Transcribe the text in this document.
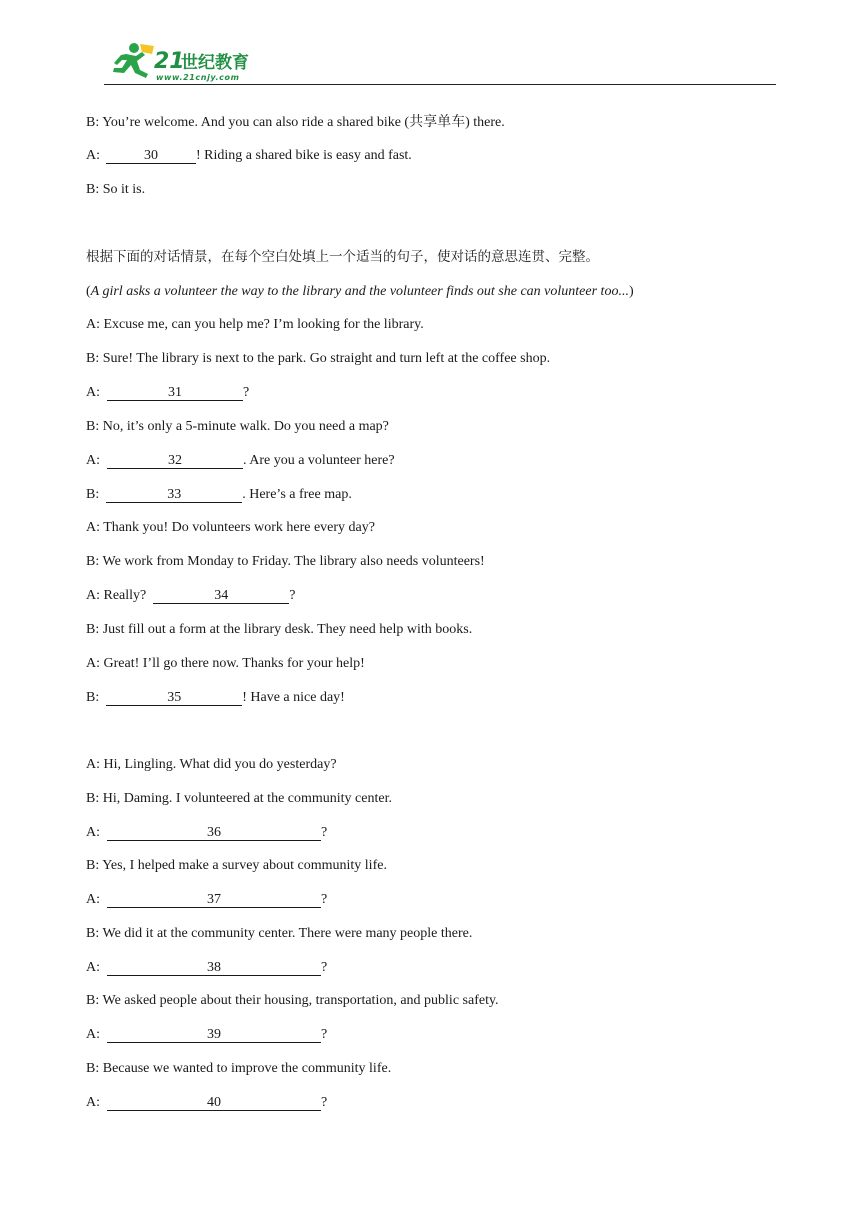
21
世纪教育
www.21cnjy.com
B: You’re welcome. And you can also ride a shared bike (共享单车) there.
A:	30	! Riding a shared bike is easy and fast.
B: So it is.
根据下面的对话情景，在每个空白处填上一个适当的句子，使对话的意思连贯、完整。
(A girl asks a volunteer the way to the library and the volunteer finds out she can volunteer too...)
A: Excuse me, can you help me? I’m looking for the library.
B: Sure! The library is next to the park. Go straight and turn left at the coffee shop.
A:	31	?
B: No, it’s only a 5-minute walk. Do you need a map?
A:	32	. Are you a volunteer here?
B:	33	. Here’s a free map.
A: Thank you! Do volunteers work here every day?
B: We work from Monday to Friday. The library also needs volunteers!
A: Really?	34	?
B: Just fill out a form at the library desk. They need help with books.
A: Great! I’ll go there now. Thanks for your help!
B:	35	! Have a nice day!
A: Hi, Lingling. What did you do yesterday?
B: Hi, Daming. I volunteered at the community center.
A:	36	?
B: Yes, I helped make a survey about community life.
A:	37	?
B: We did it at the community center. There were many people there.
A:	38	?
B: We asked people about their housing, transportation, and public safety.
A:	39	?
B: Because we wanted to improve the community life.
A:	40	?
